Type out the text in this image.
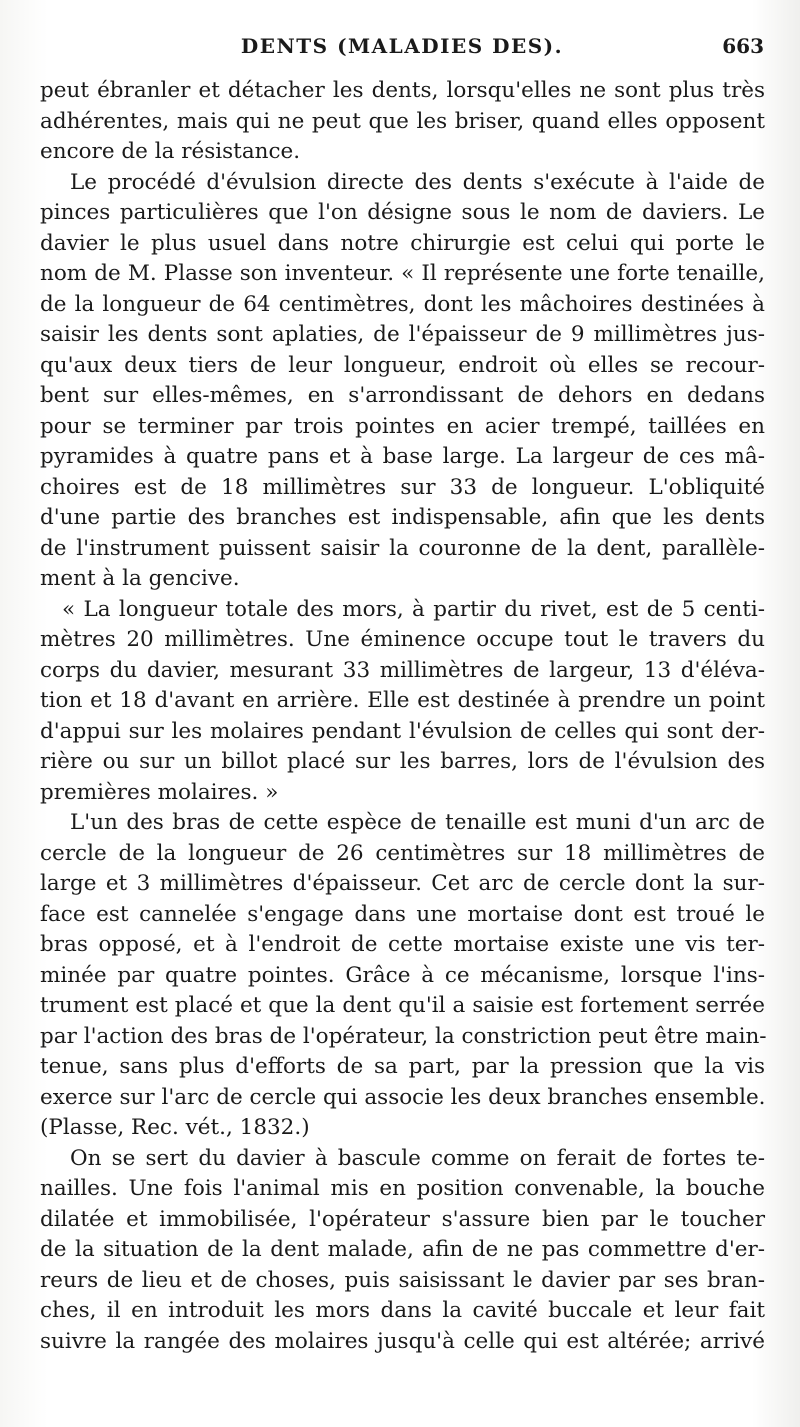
DENTS (MALADIES DES).	663
peut ébranler et détacher les dents, lorsqu'elles ne sont plus très
adhérentes, mais qui ne peut que les briser, quand elles opposent
encore de la résistance.
Le procédé d'évulsion directe des dents s'exécute à l'aide de
pinces particulières que l'on désigne sous le nom de daviers. Le
davier le plus usuel dans notre chirurgie est celui qui porte le
nom de M. Plasse son inventeur. « Il représente une forte tenaille,
de la longueur de 64 centimètres, dont les mâchoires destinées à
saisir les dents sont aplaties, de l'épaisseur de 9 millimètres jus-
qu'aux deux tiers de leur longueur, endroit où elles se recour-
bent sur elles-mêmes, en s'arrondissant de dehors en dedans
pour se terminer par trois pointes en acier trempé, taillées en
pyramides à quatre pans et à base large. La largeur de ces mâ-
choires est de 18 millimètres sur 33 de longueur. L'obliquité
d'une partie des branches est indispensable, afin que les dents
de l'instrument puissent saisir la couronne de la dent, parallèle-
ment à la gencive.
« La longueur totale des mors, à partir du rivet, est de 5 centi-
mètres 20 millimètres. Une éminence occupe tout le travers du
corps du davier, mesurant 33 millimètres de largeur, 13 d'éléva-
tion et 18 d'avant en arrière. Elle est destinée à prendre un point
d'appui sur les molaires pendant l'évulsion de celles qui sont der-
rière ou sur un billot placé sur les barres, lors de l'évulsion des
premières molaires. »
L'un des bras de cette espèce de tenaille est muni d'un arc de
cercle de la longueur de 26 centimètres sur 18 millimètres de
large et 3 millimètres d'épaisseur. Cet arc de cercle dont la sur-
face est cannelée s'engage dans une mortaise dont est troué le
bras opposé, et à l'endroit de cette mortaise existe une vis ter-
minée par quatre pointes. Grâce à ce mécanisme, lorsque l'ins-
trument est placé et que la dent qu'il a saisie est fortement serrée
par l'action des bras de l'opérateur, la constriction peut être main-
tenue, sans plus d'efforts de sa part, par la pression que la vis
exerce sur l'arc de cercle qui associe les deux branches ensemble.
(Plasse, Rec. vét., 1832.)
On se sert du davier à bascule comme on ferait de fortes te-
nailles. Une fois l'animal mis en position convenable, la bouche
dilatée et immobilisée, l'opérateur s'assure bien par le toucher
de la situation de la dent malade, afin de ne pas commettre d'er-
reurs de lieu et de choses, puis saisissant le davier par ses bran-
ches, il en introduit les mors dans la cavité buccale et leur fait
suivre la rangée des molaires jusqu'à celle qui est altérée; arrivé
